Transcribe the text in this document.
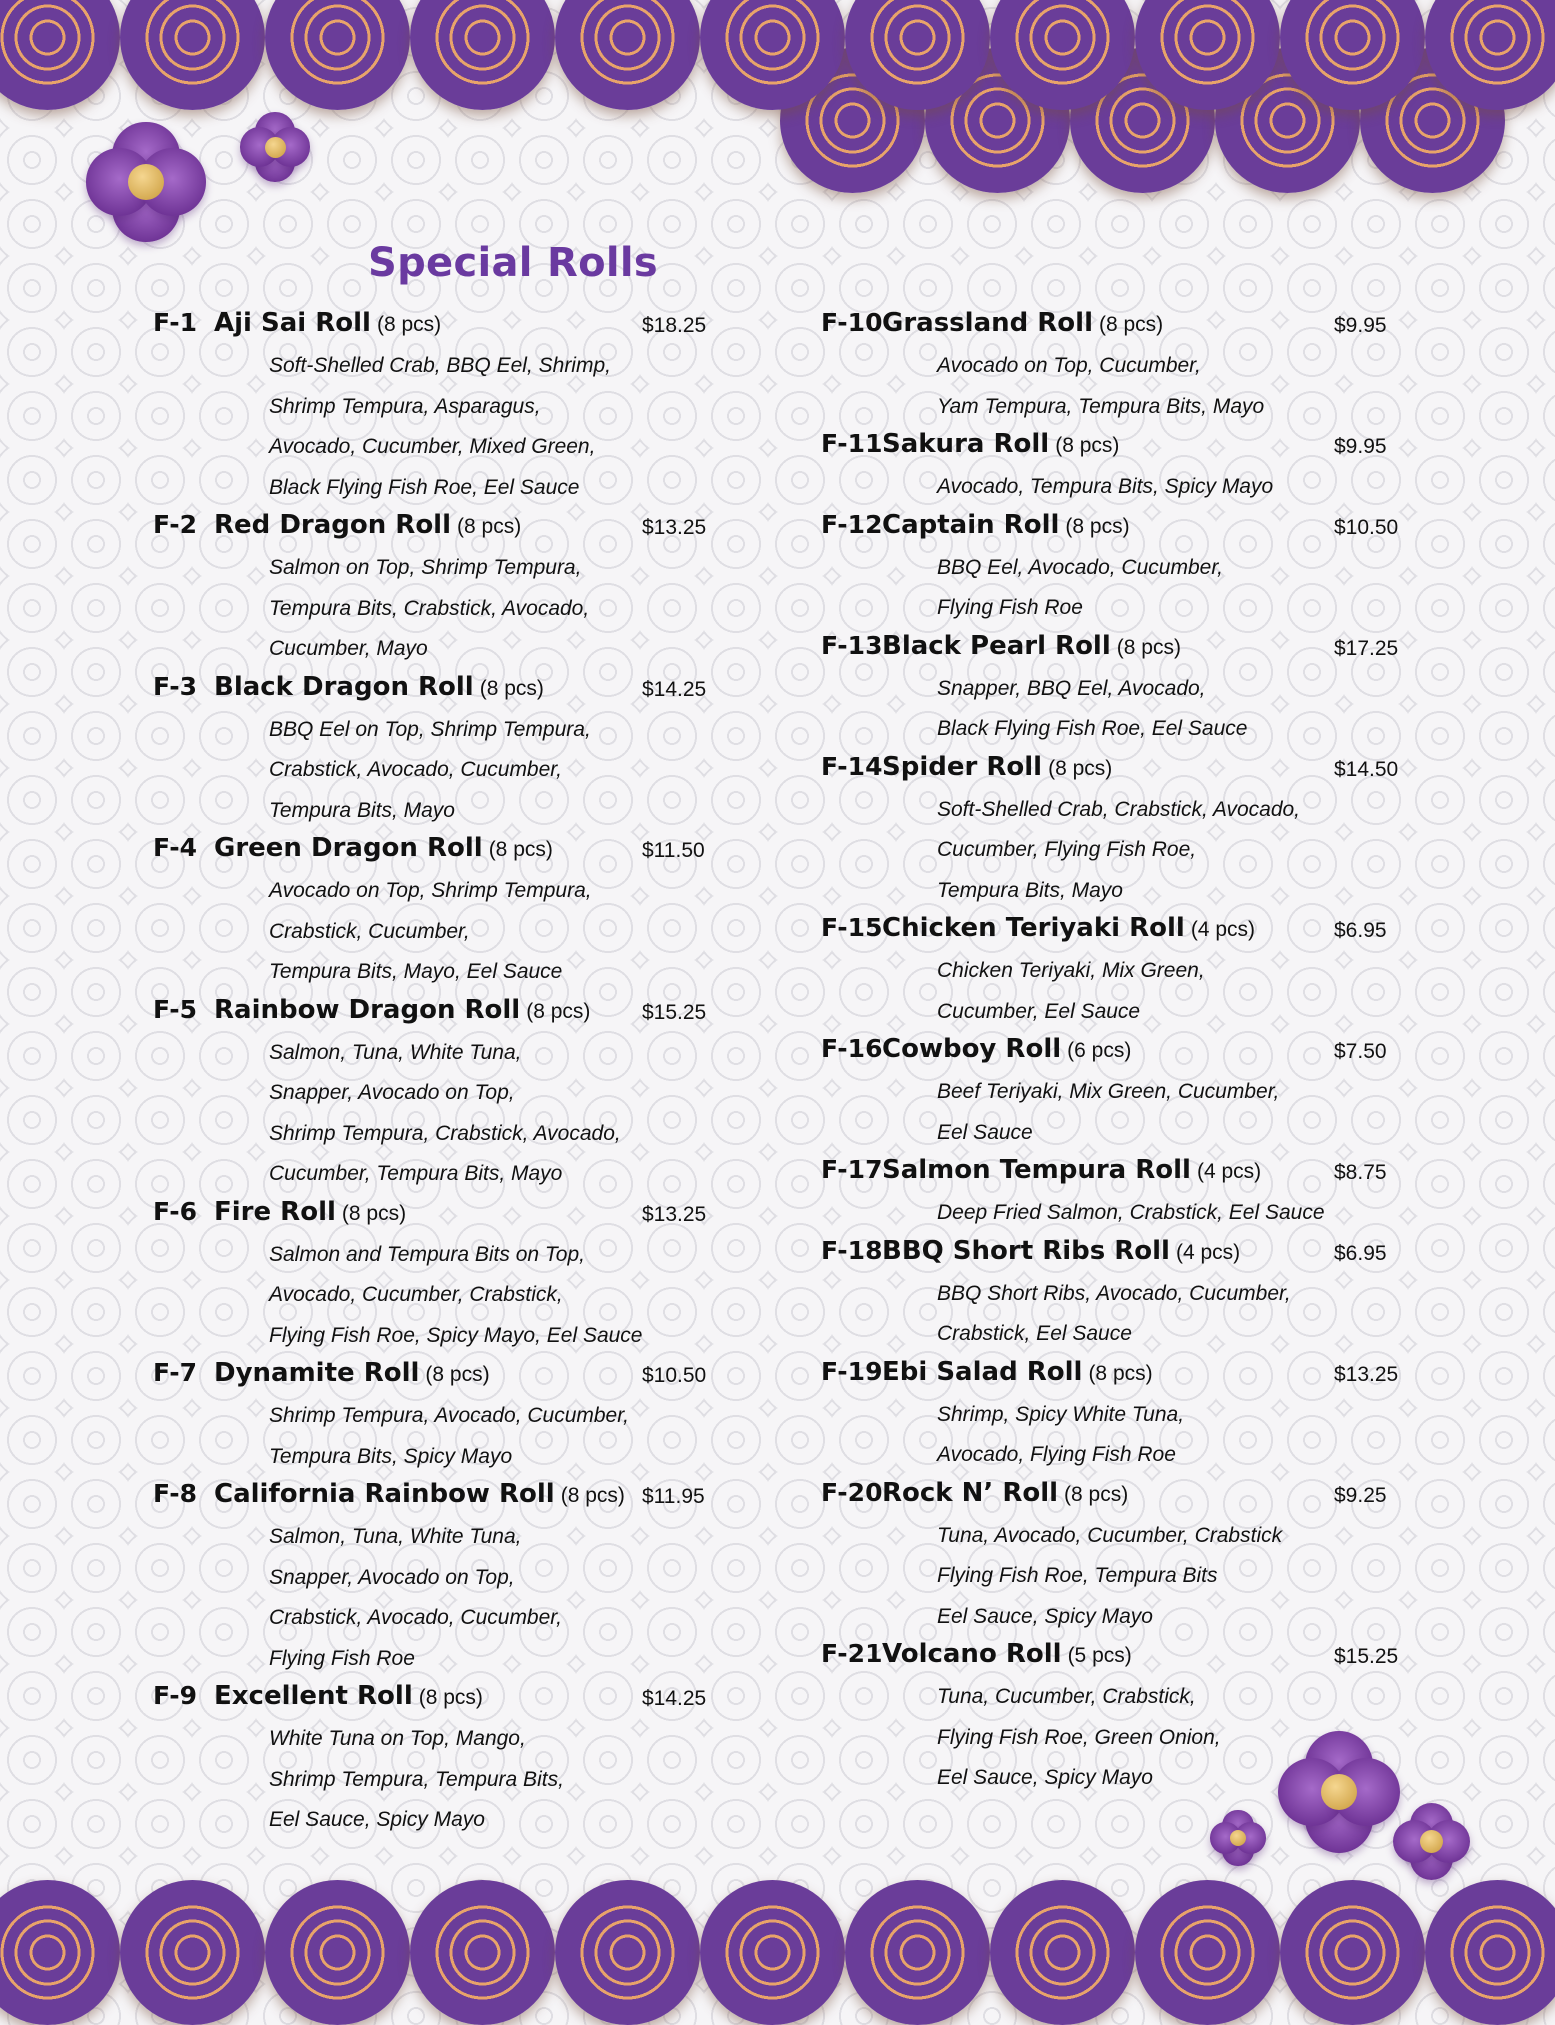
Special Rolls
F-1 Aji Sai Roll (8 pcs)	$18.25
Soft-Shelled Crab, BBQ Eel, Shrimp,
Shrimp Tempura, Asparagus,
Avocado, Cucumber, Mixed Green,
Black Flying Fish Roe, Eel Sauce
F-2 Red Dragon Roll (8 pcs)	$13.25
Salmon on Top, Shrimp Tempura,
Tempura Bits, Crabstick, Avocado,
Cucumber, Mayo
F-3 Black Dragon Roll (8 pcs)	$14.25
BBQ Eel on Top, Shrimp Tempura,
Crabstick, Avocado, Cucumber,
Tempura Bits, Mayo
F-4 Green Dragon Roll (8 pcs)	$11.50
Avocado on Top, Shrimp Tempura,
Crabstick, Cucumber,
Tempura Bits, Mayo, Eel Sauce
F-5 Rainbow Dragon Roll (8 pcs) $15.25
Salmon, Tuna, White Tuna,
Snapper, Avocado on Top,
Shrimp Tempura, Crabstick, Avocado,
Cucumber, Tempura Bits, Mayo
F-6 Fire Roll (8 pcs)	$13.25
Salmon and Tempura Bits on Top,
Avocado, Cucumber, Crabstick,
Flying Fish Roe, Spicy Mayo, Eel Sauce
F-7 Dynamite Roll (8 pcs)	$10.50
Shrimp Tempura, Avocado, Cucumber,
Tempura Bits, Spicy Mayo
F-8 California Rainbow Roll (8 pcs) $11.95
Salmon, Tuna, White Tuna,
Snapper, Avocado on Top,
Crabstick, Avocado, Cucumber,
Flying Fish Roe
F-9 Excellent Roll (8 pcs)	$14.25
White Tuna on Top, Mango,
Shrimp Tempura, Tempura Bits,
Eel Sauce, Spicy Mayo
F-10 Grassland Roll (8 pcs)	$9.95
Avocado on Top, Cucumber,
Yam Tempura, Tempura Bits, Mayo
F-11 Sakura Roll (8 pcs)	$9.95
Avocado, Tempura Bits, Spicy Mayo
F-12 Captain Roll (8 pcs)	$10.50
BBQ Eel, Avocado, Cucumber,
Flying Fish Roe
F-13 Black Pearl Roll (8 pcs)	$17.25
Snapper, BBQ Eel, Avocado,
Black Flying Fish Roe, Eel Sauce
F-14 Spider Roll (8 pcs)	$14.50
Soft-Shelled Crab, Crabstick, Avocado,
Cucumber, Flying Fish Roe,
Tempura Bits, Mayo
F-15 Chicken Teriyaki Roll (4 pcs)	$6.95
Chicken Teriyaki, Mix Green,
Cucumber, Eel Sauce
F-16 Cowboy Roll (6 pcs)	$7.50
Beef Teriyaki, Mix Green, Cucumber,
Eel Sauce
F-17 Salmon Tempura Roll (4 pcs)	$8.75
Deep Fried Salmon, Crabstick, Eel Sauce
F-18 BBQ Short Ribs Roll (4 pcs)	$6.95
BBQ Short Ribs, Avocado, Cucumber,
Crabstick, Eel Sauce
F-19 Ebi Salad Roll (8 pcs)	$13.25
Shrimp, Spicy White Tuna,
Avocado, Flying Fish Roe
F-20 Rock N’ Roll (8 pcs)	$9.25
Tuna, Avocado, Cucumber, Crabstick
Flying Fish Roe, Tempura Bits
Eel Sauce, Spicy Mayo
F-21 Volcano Roll (5 pcs)	$15.25
Tuna, Cucumber, Crabstick,
Flying Fish Roe, Green Onion,
Eel Sauce, Spicy Mayo
